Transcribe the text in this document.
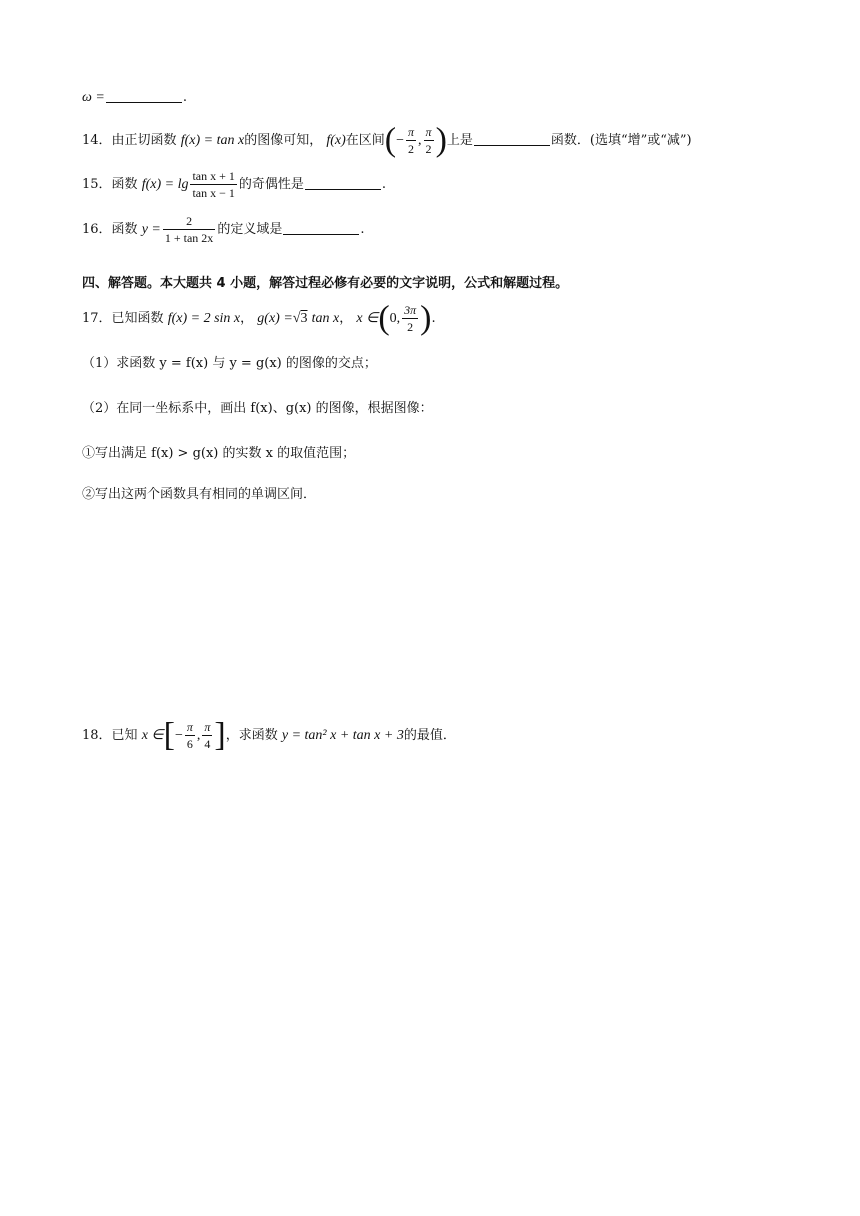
ω =	.
14．由正切函数 f(x) = tan x的图像可知， f(x)在区间(− $\frac{\pi}{2}$ , $\frac{\pi}{2}$ )上是	函数．(选填“增”或“减”)
15．函数 $f(x) = \lg \frac{\text{tan x + 1}}{\text{tan x − 1}}$ 的奇偶性是	.
16．函数 $y = \frac{2}{1 + \tan 2x}$ 的定义域是	.
四、解答题。本大题共 4 小题，解答过程必修有必要的文字说明，公式和解题过程。
17．已知函数 f(x) = 2 sin x， g(x) =√3 tan x， x ∈(0, $\frac{3\pi}{2}$ ).
（1）求函数 y = f(x) 与 y = g(x) 的图像的交点；
（2）在同一坐标系中，画出 f(x)、g(x) 的图像，根据图像：
①写出满足 f(x) > g(x) 的实数 x 的取值范围；
②写出这两个函数具有相同的单调区间．
18．已知 x ∈[− $\frac{\pi}{6}$ , $\frac{\pi}{4}$ ]，求函数 y = tan² x + tan x + 3的最值．
